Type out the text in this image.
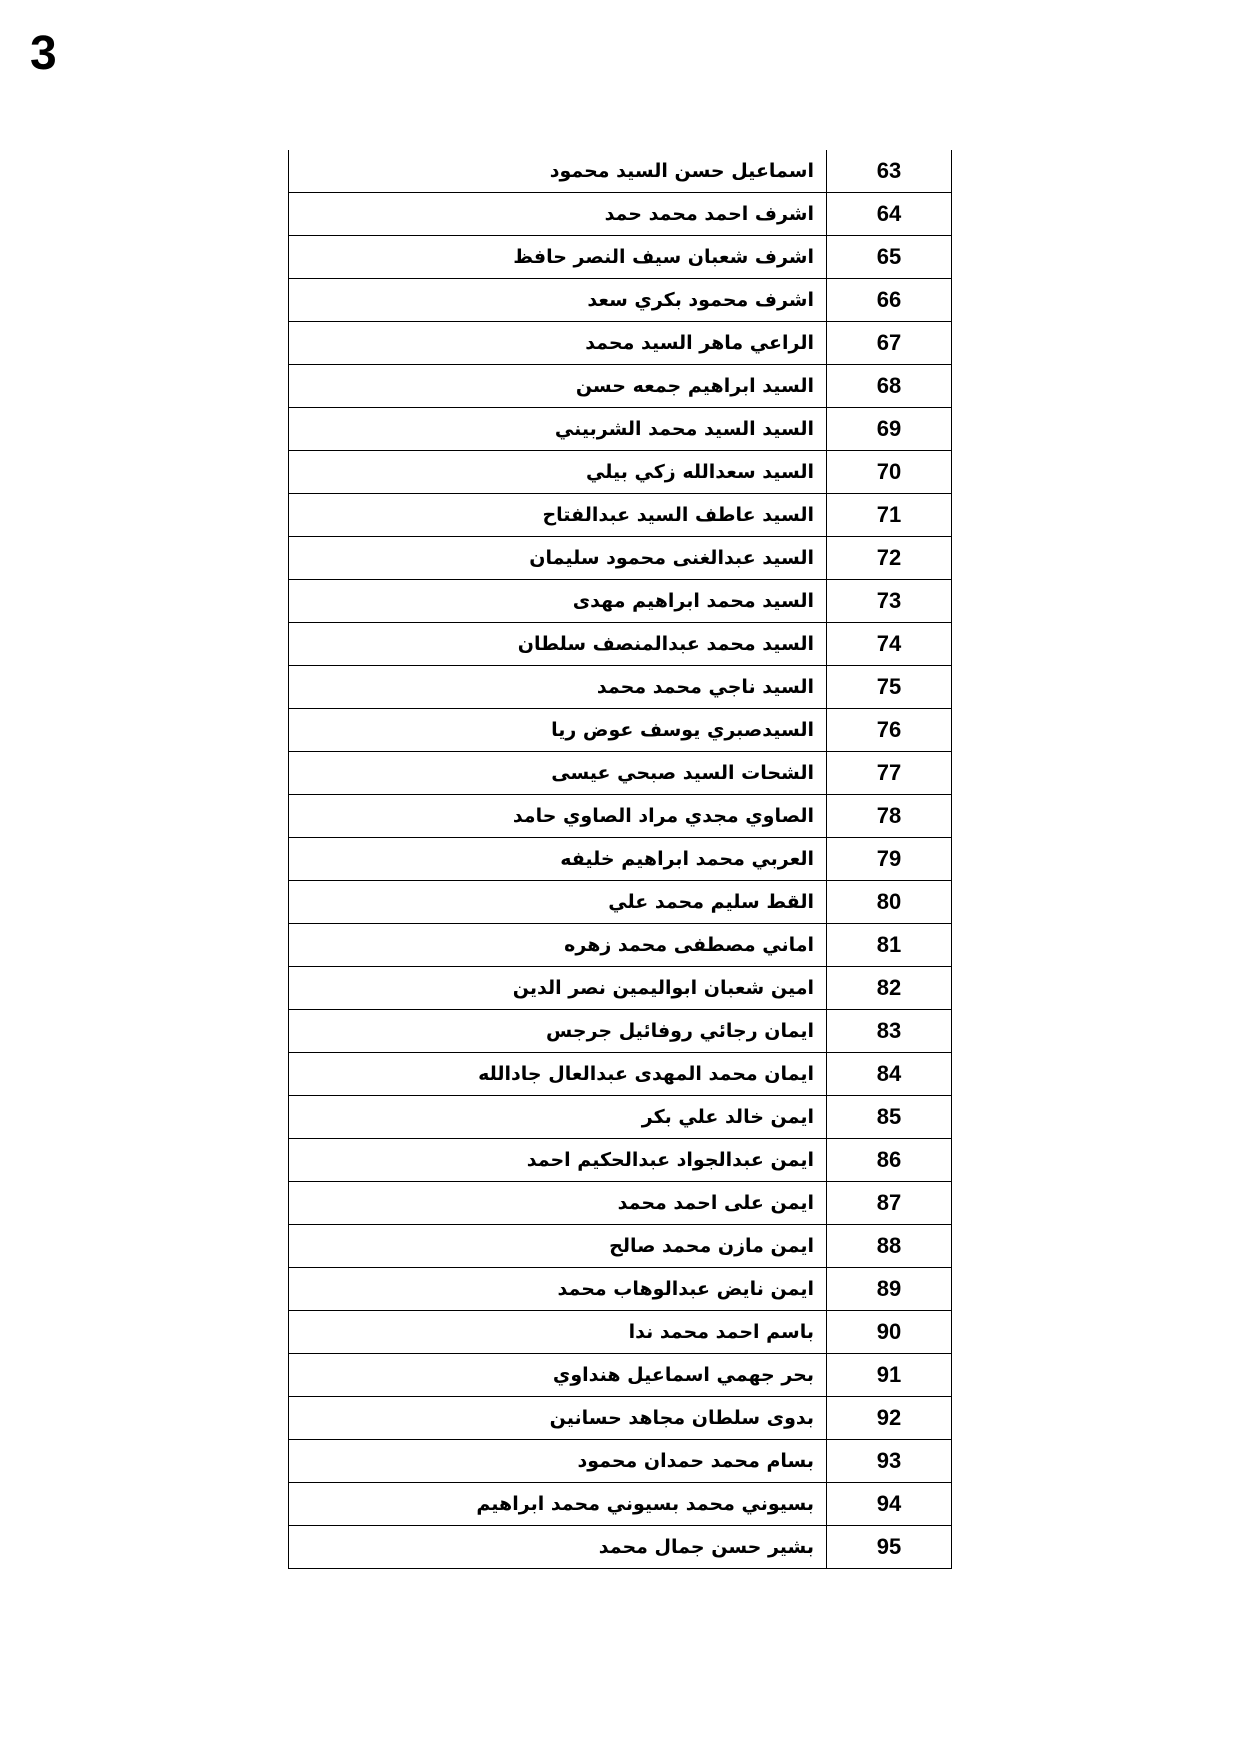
3
63	اسماعيل حسن السيد محمود
64	اشرف احمد محمد حمد
65	اشرف شعبان سيف النصر حافظ
66	اشرف محمود بكري سعد
67	الراعي ماهر السيد محمد
68	السيد ابراهيم جمعه حسن
69	السيد السيد محمد الشربيني
70	السيد سعدالله زكي بيلي
71	السيد عاطف السيد عبدالفتاح
72	السيد عبدالغنى محمود سليمان
73	السيد محمد ابراهيم مهدى
74	السيد محمد عبدالمنصف سلطان
75	السيد ناجي محمد محمد
76	السيدصبري يوسف عوض ريا
77	الشحات السيد صبحي عيسى
78	الصاوي مجدي مراد الصاوي حامد
79	العربي محمد ابراهيم خليفه
80	القط سليم محمد علي
81	اماني مصطفى محمد زهره
82	امين شعبان ابواليمين نصر الدين
83	ايمان رجائي روفائيل جرجس
84	ايمان محمد المهدى عبدالعال جادالله
85	ايمن خالد علي بكر
86	ايمن عبدالجواد عبدالحكيم احمد
87	ايمن على احمد محمد
88	ايمن مازن محمد صالح
89	ايمن نايض عبدالوهاب محمد
90	باسم احمد محمد ندا
91	بحر جهمي اسماعيل هنداوي
92	بدوى سلطان مجاهد حسانين
93	بسام محمد حمدان محمود
94	بسيوني محمد بسيوني محمد ابراهيم
95	بشير حسن جمال محمد
